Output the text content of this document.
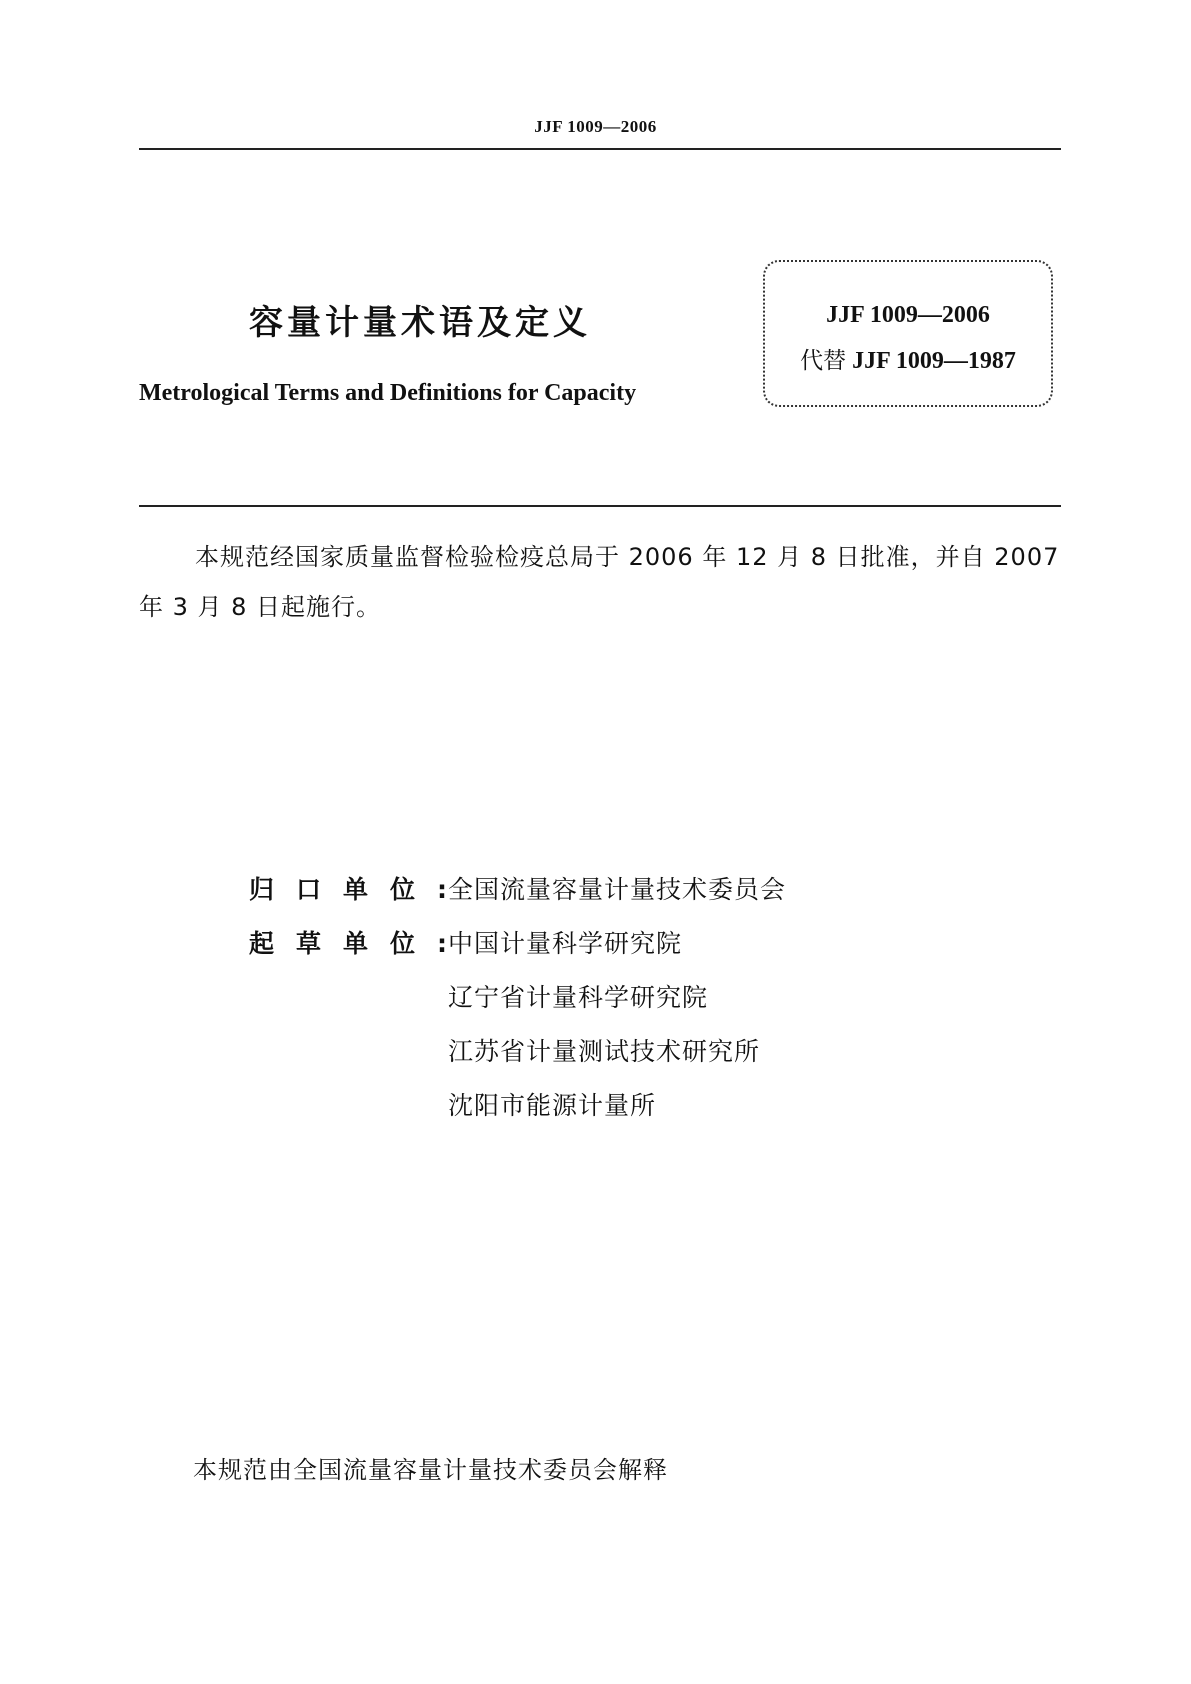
JJF 1009—2006
容量计量术语及定义
Metrological Terms and Definitions for Capacity
JJF 1009—2006
代替 JJF 1009—1987
本规范经国家质量监督检验检疫总局于 2006 年 12 月 8 日批准，并自 2007 年 3 月 8 日起施行。
归口单位:
全国流量容量计量技术委员会
起草单位:
中国计量科学研究院
辽宁省计量科学研究院
江苏省计量测试技术研究所
沈阳市能源计量所
本规范由全国流量容量计量技术委员会解释
